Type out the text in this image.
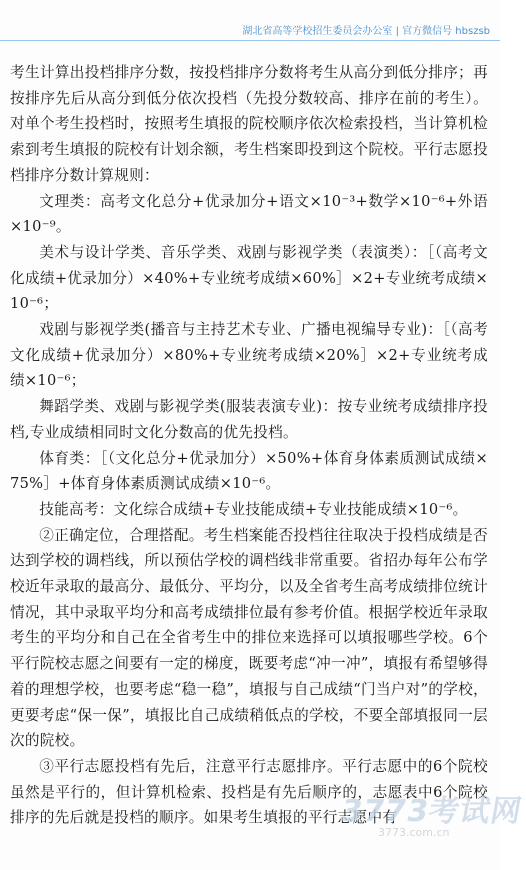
湖北省高等学校招生委员会办公室 | 官方微信号 hbszsb

考生计算出投档排序分数，按投档排序分数将考生从高分到低分排序；再按排序先后从高分到低分依次投档（先投分数较高、排序在前的考生）。对单个考生投档时，按照考生填报的院校顺序依次检索投档，当计算机检索到考生填报的院校有计划余额，考生档案即投到这个院校。平行志愿投档排序分数计算规则：

文理类：高考文化总分+优录加分+语文×10⁻³+数学×10⁻⁶+外语×10⁻⁹。

美术与设计学类、音乐学类、戏剧与影视学类（表演类）：［（高考文化成绩+优录加分）×40%+专业统考成绩×60%］×2+专业统考成绩×10⁻⁶；

戏剧与影视学类(播音与主持艺术专业、广播电视编导专业)：［（高考文化成绩+优录加分）×80%+专业统考成绩×20%］×2+专业统考成绩×10⁻⁶；

舞蹈学类、戏剧与影视学类(服装表演专业)：按专业统考成绩排序投档,专业成绩相同时文化分数高的优先投档。

体育类：［（文化总分+优录加分）×50%+体育身体素质测试成绩×75%］+体育身体素质测试成绩×10⁻⁶。

技能高考：文化综合成绩+专业技能成绩+专业技能成绩×10⁻⁶。

②正确定位，合理搭配。考生档案能否投档往往取决于投档成绩是否达到学校的调档线，所以预估学校的调档线非常重要。省招办每年公布学校近年录取的最高分、最低分、平均分，以及全省考生高考成绩排位统计情况，其中录取平均分和高考成绩排位最有参考价值。根据学校近年录取考生的平均分和自己在全省考生中的排位来选择可以填报哪些学校。6个平行院校志愿之间要有一定的梯度，既要考虑“冲一冲”，填报有希望够得着的理想学校，也要考虑“稳一稳”，填报与自己成绩“门当户对”的学校，更要考虑“保一保”，填报比自己成绩稍低点的学校，不要全部填报同一层次的院校。

③平行志愿投档有先后，注意平行志愿排序。平行志愿中的6个院校虽然是平行的，但计算机检索、投档是有先后顺序的，志愿表中6个院校排序的先后就是投档的顺序。如果考生填报的平行志愿中有

3773考试网
3773.com.cn
